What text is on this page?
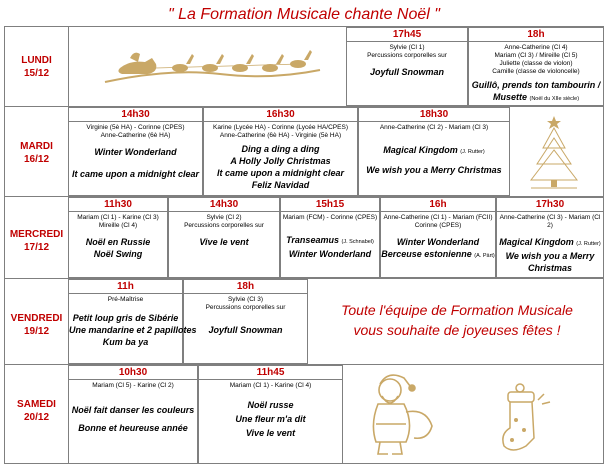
" La Formation Musicale chante Noël "
LUNDI
15/12
MARDI
16/12
MERCREDI
17/12
VENDREDI
19/12
SAMEDI
20/12
17h45
Sylvie (Cl 1)
Percussions corporelles sur
Joyfull Snowman
18h
Anne-Catherine (Cl 4)
Mariam (Cl 3) / Mireille (Cl 5)
Juliette (classe de violon)
Camille (classe de violoncelle)
Guillô, prends ton tambourin /
Musette (Noël du XIIe siècle)
14h30
Virginie (5è HA) - Corinne (CPES)
Anne-Catherine (6è HA)
Winter Wonderland
It came upon a midnight clear
16h30
Karine (Lycée HA) - Corinne (Lycée HA/CPES)
Anne-Catherine (6è HA) - Virginie (5è HA)
Ding a ding a ding
A Holly Jolly Christmas
It came upon a midnight clear
Feliz Navidad
18h30
Anne-Catherine (Cl 2) - Mariam (Cl 3)
Magical Kingdom (J. Rutter)
We wish you a Merry Christmas
11h30
Mariam (Cl 1) - Karine (Cl 3)
Mireille (Cl 4)
Noël en Russie
Noël Swing
14h30
Sylvie (Cl 2)
Percussions corporelles sur
Vive le vent
15h15
Mariam (FCM) - Corinne (CPES)
Transeamus (J. Schnabel)
Winter Wonderland
16h
Anne-Catherine (Cl 1) - Mariam (FCII)
Corinne (CPES)
Winter Wonderland
Berceuse estonienne (A. Pärt)
17h30
Anne-Catherine (Cl 3) - Mariam (Cl 2)
Magical Kingdom (J. Rutter)
We wish you a Merry
Christmas
11h
Pré-Maîtrise
Petit loup gris de Sibérie
Une mandarine et 2 papillotes
Kum ba ya
18h
Sylvie (Cl 3)
Percussions corporelles sur
Joyfull Snowman
Toute l'équipe de Formation Musicale
vous souhaite de joyeuses fêtes !
10h30
Mariam (Cl 5) - Karine (Cl 2)
Noël fait danser les couleurs
Bonne et heureuse année
11h45
Mariam (Cl 1) - Karine (Cl 4)
Noël russe
Une fleur m'a dit
Vive le vent
